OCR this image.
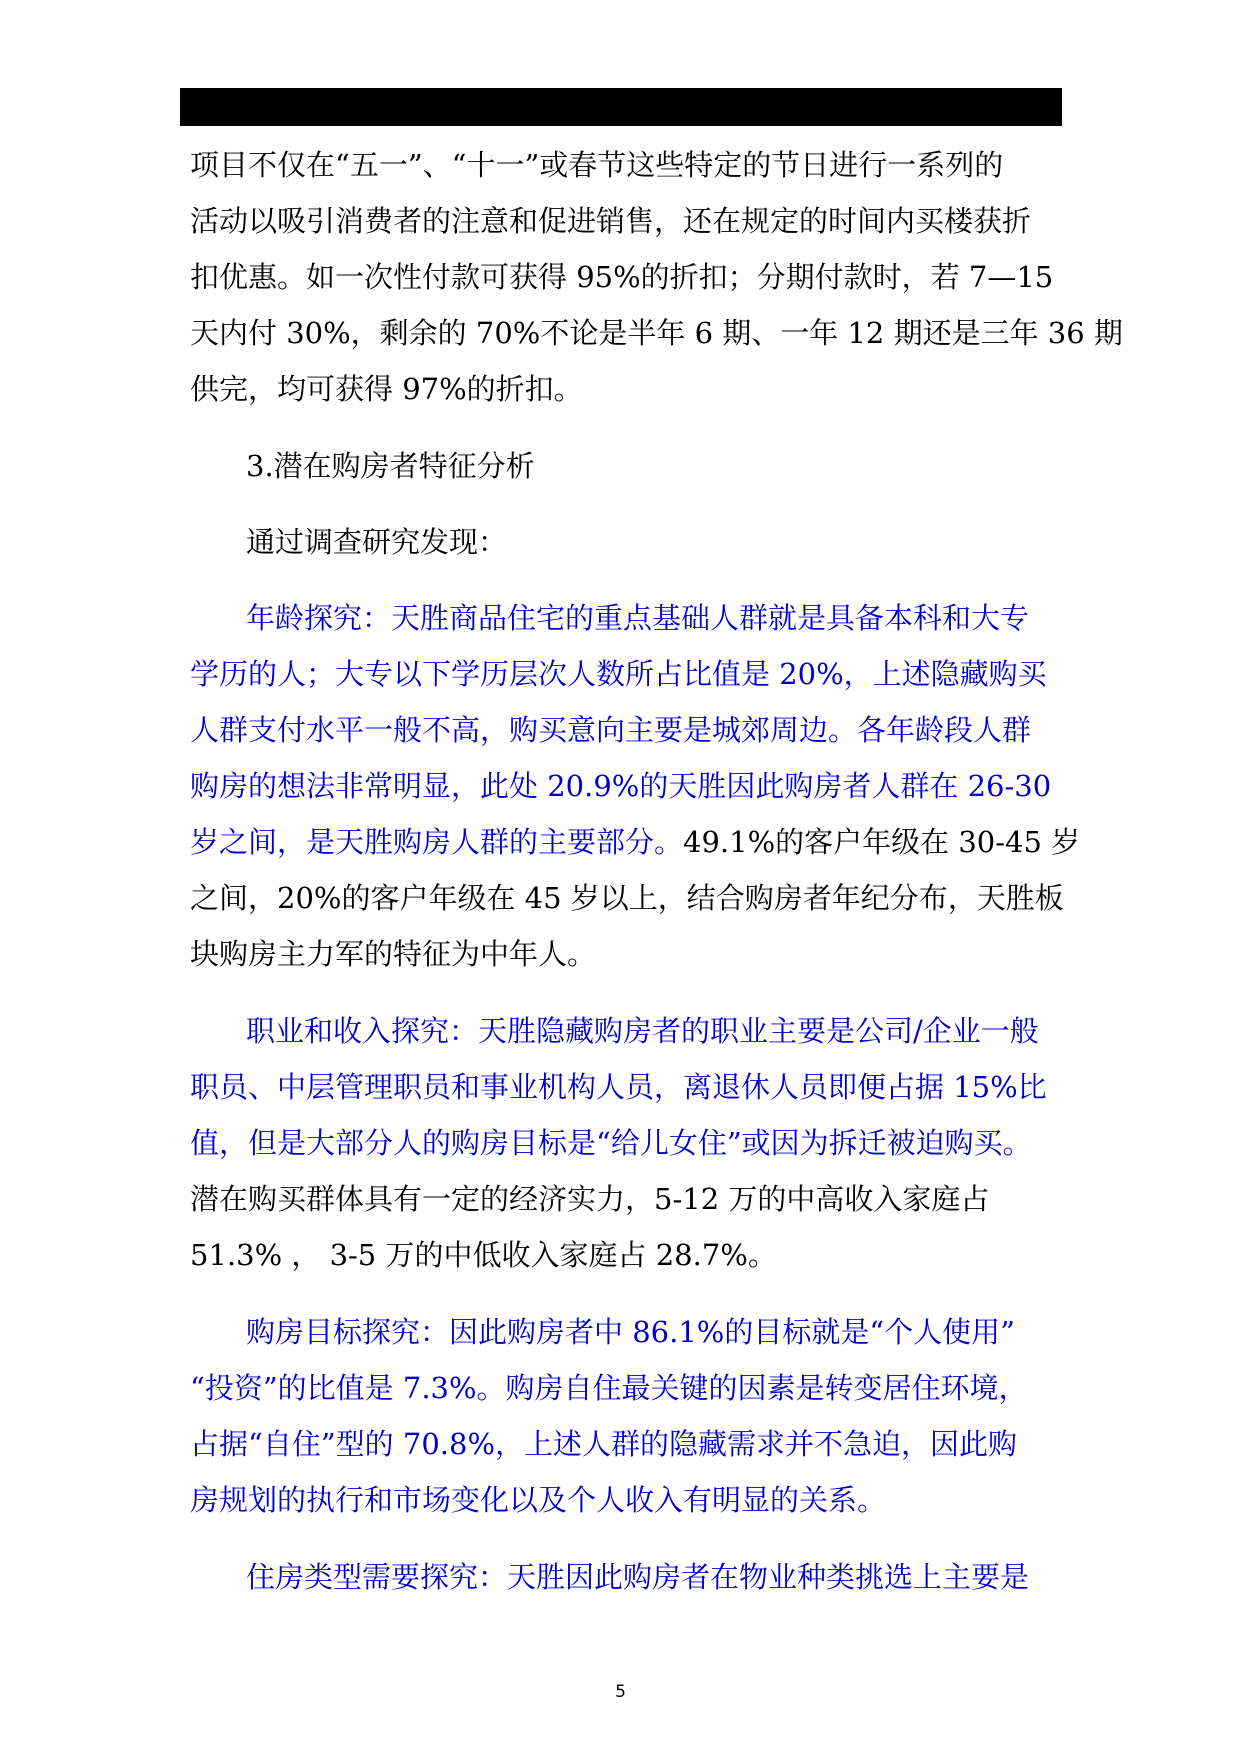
项目不仅在“五一”、“十一”或春节这些特定的节日进行一系列的
活动以吸引消费者的注意和促进销售，还在规定的时间内买楼获折
扣优惠。如一次性付款可获得 95%的折扣；分期付款时，若 7—15
天内付 30%，剩余的 70%不论是半年 6 期、一年 12 期还是三年 36 期
供完，均可获得 97%的折扣。
3.潜在购房者特征分析
通过调查研究发现：
年龄探究：天胜商品住宅的重点基础人群就是具备本科和大专
学历的人；大专以下学历层次人数所占比值是 20%，上述隐藏购买
人群支付水平一般不高，购买意向主要是城郊周边。各年龄段人群
购房的想法非常明显，此处 20.9%的天胜因此购房者人群在 26-30
岁之间，是天胜购房人群的主要部分。49.1%的客户年级在 30-45 岁
之间，20%的客户年级在 45 岁以上，结合购房者年纪分布，天胜板
块购房主力军的特征为中年人。
职业和收入探究：天胜隐藏购房者的职业主要是公司/企业一般
职员、中层管理职员和事业机构人员，离退休人员即便占据 15%比
值，但是大部分人的购房目标是“给儿女住”或因为拆迁被迫购买。
潜在购买群体具有一定的经济实力，5-12 万的中高收入家庭占
51.3% ， 3-5 万的中低收入家庭占 28.7%。
购房目标探究：因此购房者中 86.1%的目标就是“个人使用”
“投资”的比值是 7.3%。购房自住最关键的因素是转变居住环境，
占据“自住”型的 70.8%，上述人群的隐藏需求并不急迫，因此购
房规划的执行和市场变化以及个人收入有明显的关系。
住房类型需要探究：天胜因此购房者在物业种类挑选上主要是
5
